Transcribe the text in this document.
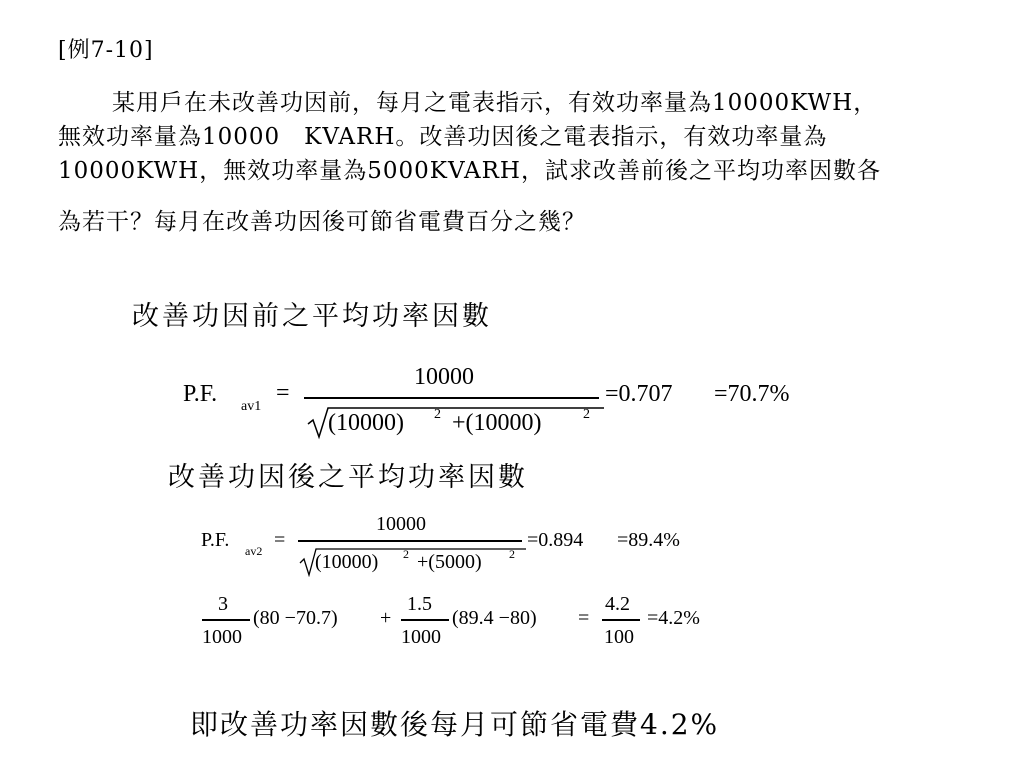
[例7-10]
某用戶在未改善功因前，每月之電表指示，有效功率量為10000KWH，
無效功率量為10000　KVARH。改善功因後之電表指示，有效功率量為
10000KWH，無效功率量為5000KVARH，試求改善前後之平均功率因數各
為若干？每月在改善功因後可節省電費百分之幾？
改善功因前之平均功率因數
P.F. av1
=
10000
(10000) 2 +(10000)	2
=0.707 =70.7%
改善功因後之平均功率因數
P.F. av2 =
10000
(10000) 2 +(5000) 2
=0.894 =89.4%
3
1000
(80 −70.7) +
1.5
1000
(89.4 −80) =
4.2
100
=4.2%
即改善功率因數後每月可節省電費4.2%
